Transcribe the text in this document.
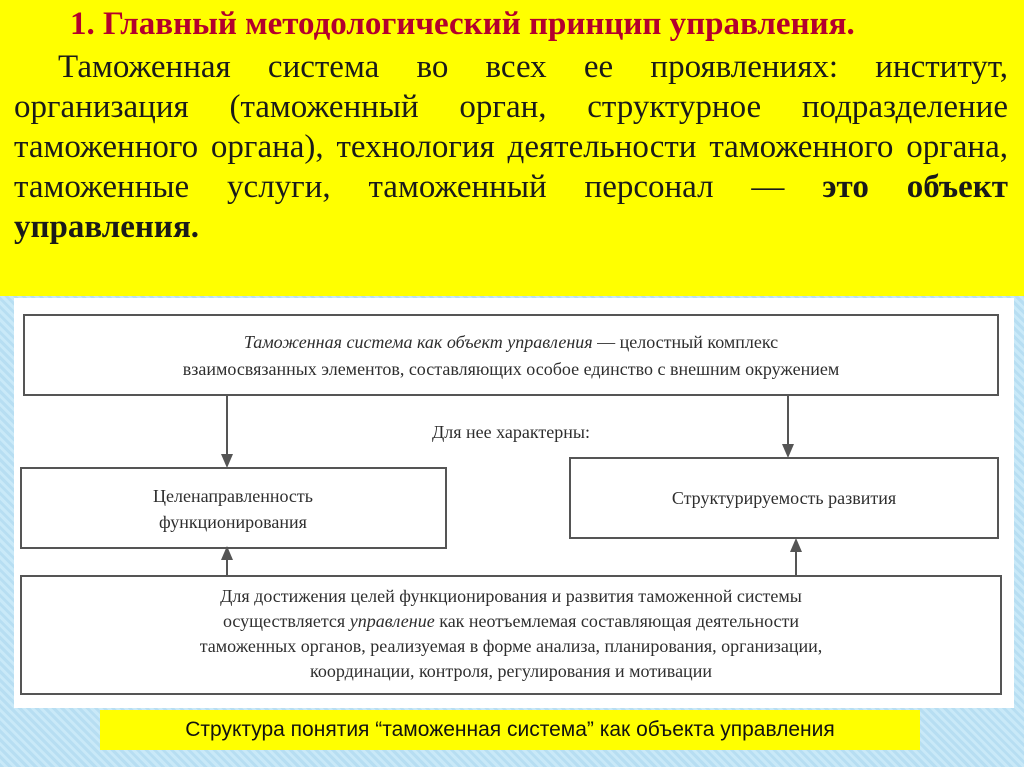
1. Главный методологический принцип управления.
Таможенная система во всех ее проявлениях: институт, организация (таможенный орган, структурное подразделение таможенного органа), технология деятельности таможенного органа, таможенные услуги, таможенный персонал — это объект управления.
Таможенная система как объект управления — целостный комплекс
взаимосвязанных элементов, составляющих особое единство с внешним окружением
Для нее характерны:
Целенаправленность
функционирования
Структурируемость развития
Для достижения целей функционирования и развития таможенной системы
осуществляется управление как неотъемлемая составляющая деятельности
таможенных органов, реализуемая в форме анализа, планирования, организации,
координации, контроля, регулирования и мотивации
Структура понятия “таможенная система” как объекта управления
